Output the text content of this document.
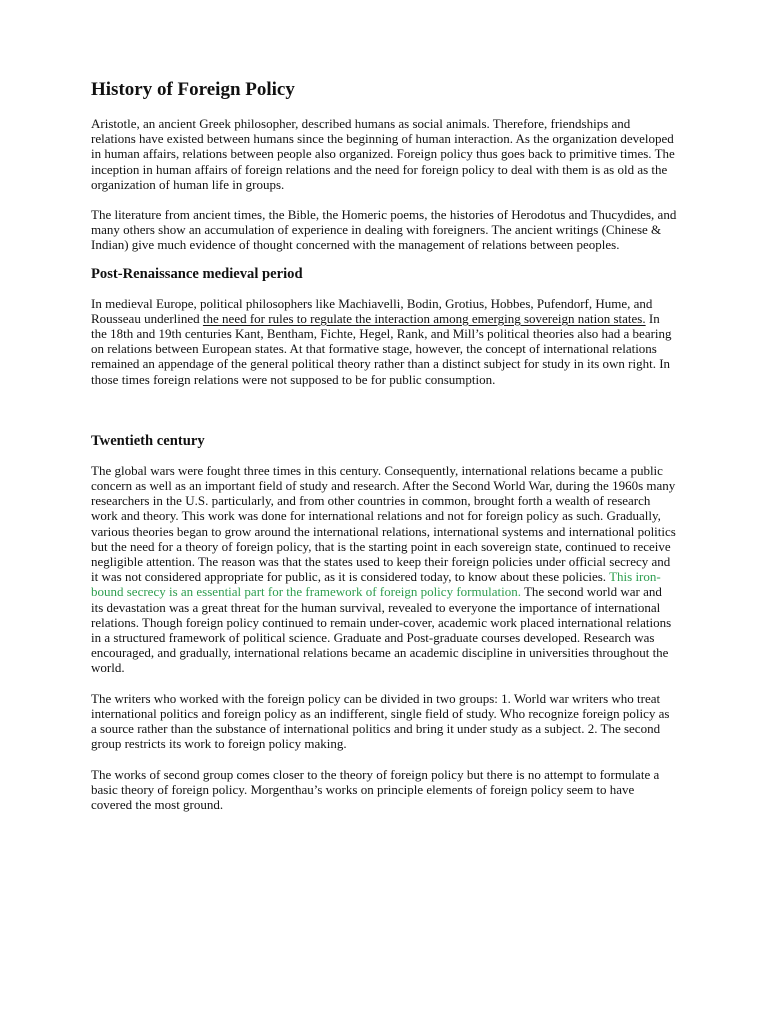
History of Foreign Policy

Aristotle, an ancient Greek philosopher, described humans as social animals. Therefore, friendships and relations have existed between humans since the beginning of human interaction. As the organization developed in human affairs, relations between people also organized. Foreign policy thus goes back to primitive times. The inception in human affairs of foreign relations and the need for foreign policy to deal with them is as old as the organization of human life in groups.

The literature from ancient times, the Bible, the Homeric poems, the histories of Herodotus and Thucydides, and many others show an accumulation of experience in dealing with foreigners. The ancient writings (Chinese & Indian) give much evidence of thought concerned with the management of relations between peoples.

Post-Renaissance medieval period

In medieval Europe, political philosophers like Machiavelli, Bodin, Grotius, Hobbes, Pufendorf, Hume, and Rousseau underlined the need for rules to regulate the interaction among emerging sovereign nation states. In the 18th and 19th centuries Kant, Bentham, Fichte, Hegel, Rank, and Mill’s political theories also had a bearing on relations between European states. At that formative stage, however, the concept of international relations remained an appendage of the general political theory rather than a distinct subject for study in its own right. In those times foreign relations were not supposed to be for public consumption.

Twentieth century

The global wars were fought three times in this century. Consequently, international relations became a public concern as well as an important field of study and research. After the Second World War, during the 1960s many researchers in the U.S. particularly, and from other countries in common, brought forth a wealth of research work and theory. This work was done for international relations and not for foreign policy as such. Gradually, various theories began to grow around the international relations, international systems and international politics but the need for a theory of foreign policy, that is the starting point in each sovereign state, continued to receive negligible attention. The reason was that the states used to keep their foreign policies under official secrecy and it was not considered appropriate for public, as it is considered today, to know about these policies. This iron-bound secrecy is an essential part for the framework of foreign policy formulation. The second world war and its devastation was a great threat for the human survival, revealed to everyone the importance of international relations. Though foreign policy continued to remain under-cover, academic work placed international relations in a structured framework of political science. Graduate and Post-graduate courses developed. Research was encouraged, and gradually, international relations became an academic discipline in universities throughout the world.

The writers who worked with the foreign policy can be divided in two groups: 1. World war writers who treat international politics and foreign policy as an indifferent, single field of study. Who recognize foreign policy as a source rather than the substance of international politics and bring it under study as a subject. 2. The second group restricts its work to foreign policy making.

The works of second group comes closer to the theory of foreign policy but there is no attempt to formulate a basic theory of foreign policy. Morgenthau’s works on principle elements of foreign policy seem to have covered the most ground.
